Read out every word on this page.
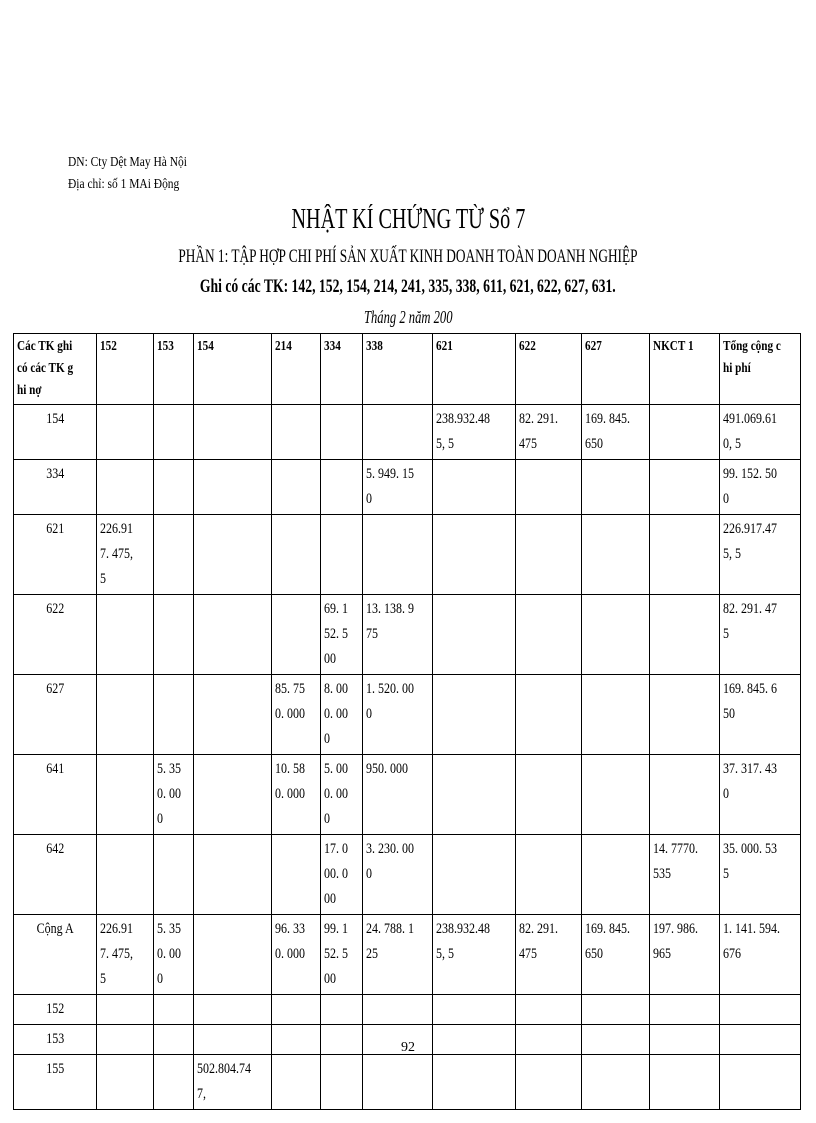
DN: Cty Dệt May Hà Nội
Địa chỉ: số 1 MAi Động
NHẬT KÍ CHỨNG TỪ Sổ 7
PHẦN 1: TẬP HỢP CHI PHÍ SẢN XUẤT KINH DOANH TOÀN DOANH NGHIỆP
Ghi có các TK: 142, 152, 154, 214, 241, 335, 338, 611, 621, 622, 627, 631.
Tháng 2 năm 200
Các TK ghi có các TK ghi nợ	152	153	154	214	334	338	621	622	627	NKCT 1	Tổng cộng chi phí
154							238.932.485, 5	82. 291. 475	169. 845. 650		491.069.610, 5
334						5. 949. 150					99. 152. 500
621	226.917. 475, 5										226.917.475, 5
622					69. 152. 500	13. 138. 975					82. 291. 475
627				85. 750. 000	8. 000. 000	1. 520. 000					169. 845. 650
641		5. 350. 000		10. 580. 000	5. 000. 000	950. 000					37. 317. 430
642					17. 000. 000	3. 230. 000				14. 7770. 535	35. 000. 535
Cộng A	226.917. 475, 5	5. 350. 000		96. 330. 000	99. 152. 500	24. 788. 125	238.932.485, 5	82. 291. 475	169. 845. 650	197. 986. 965	1. 141. 594. 676
152											
153											
155			502.804.747,								
92
